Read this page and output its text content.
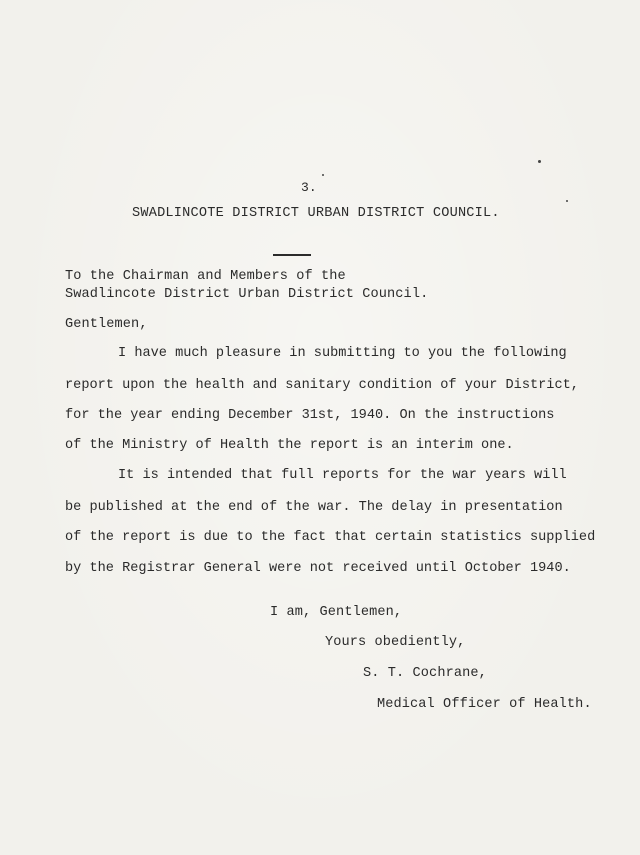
3.
SWADLINCOTE DISTRICT URBAN DISTRICT COUNCIL.
To the Chairman and Members of the
Swadlincote District Urban District Council.
Gentlemen,
I have much pleasure in submitting to you the following
report upon the health and sanitary condition of your District,
for the year ending December 31st, 1940. On the instructions
of the Ministry of Health the report is an interim one.
It is intended that full reports for the war years will
be published at the end of the war. The delay in presentation
of the report is due to the fact that certain statistics supplied
by the Registrar General were not received until October 1940.
I am, Gentlemen,
Yours obediently,
S. T. Cochrane,
Medical Officer of Health.
